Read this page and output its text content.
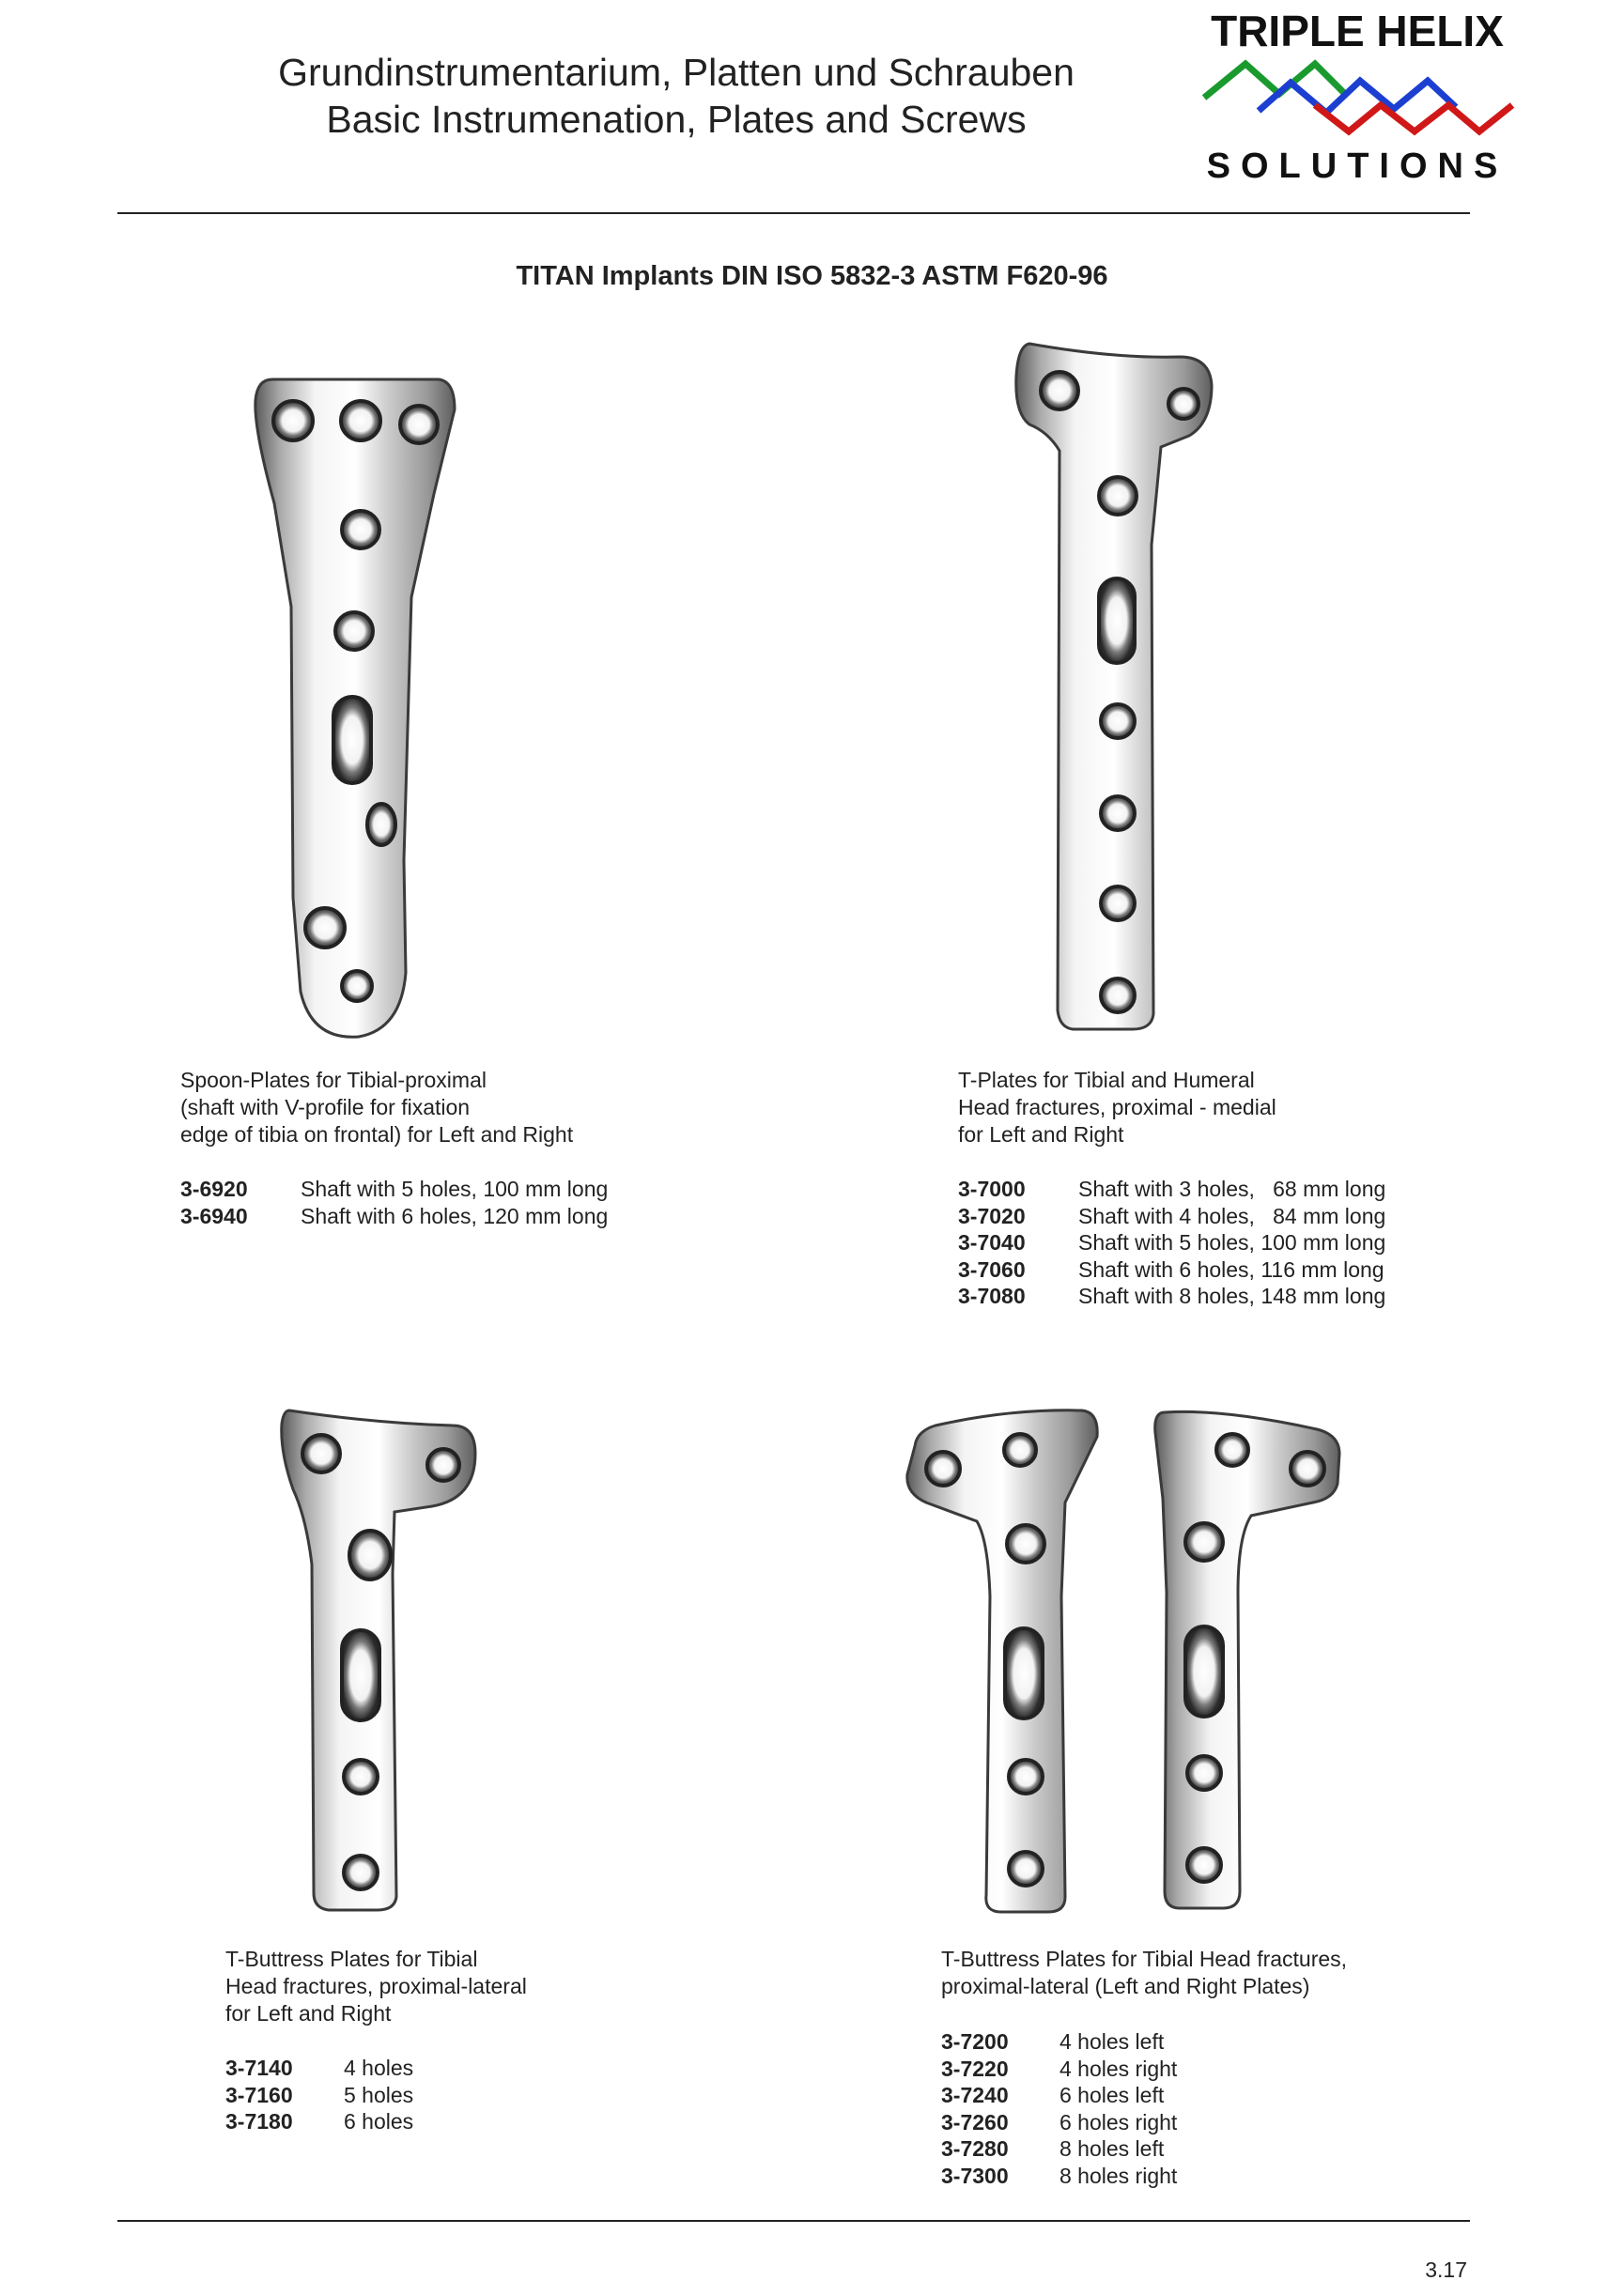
Grundinstrumentarium, Platten und Schrauben
Basic Instrumenation, Plates and Screws
TRIPLE HELIX
SOLUTIONS
TITAN Implants DIN ISO 5832-3 ASTM F620-96
Spoon-Plates for Tibial-proximal
(shaft with V-profile for fixation
edge of tibia on frontal) for Left and Right
3-6920	Shaft with 5 holes, 100 mm long
3-6940	Shaft with 6 holes, 120 mm long
T-Plates for Tibial and Humeral
Head fractures, proximal - medial
for Left and Right
3-7000	Shaft with 3 holes,   68 mm long
3-7020	Shaft with 4 holes,   84 mm long
3-7040	Shaft with 5 holes, 100 mm long
3-7060	Shaft with 6 holes, 116 mm long
3-7080	Shaft with 8 holes, 148 mm long
T-Buttress Plates for Tibial
Head fractures, proximal-lateral
for Left and Right
3-7140	4 holes
3-7160	5 holes
3-7180	6 holes
T-Buttress Plates for Tibial Head fractures,
proximal-lateral (Left and Right Plates)
3-7200	4 holes left
3-7220	4 holes right
3-7240	6 holes left
3-7260	6 holes right
3-7280	8 holes left
3-7300	8 holes right
3.17
